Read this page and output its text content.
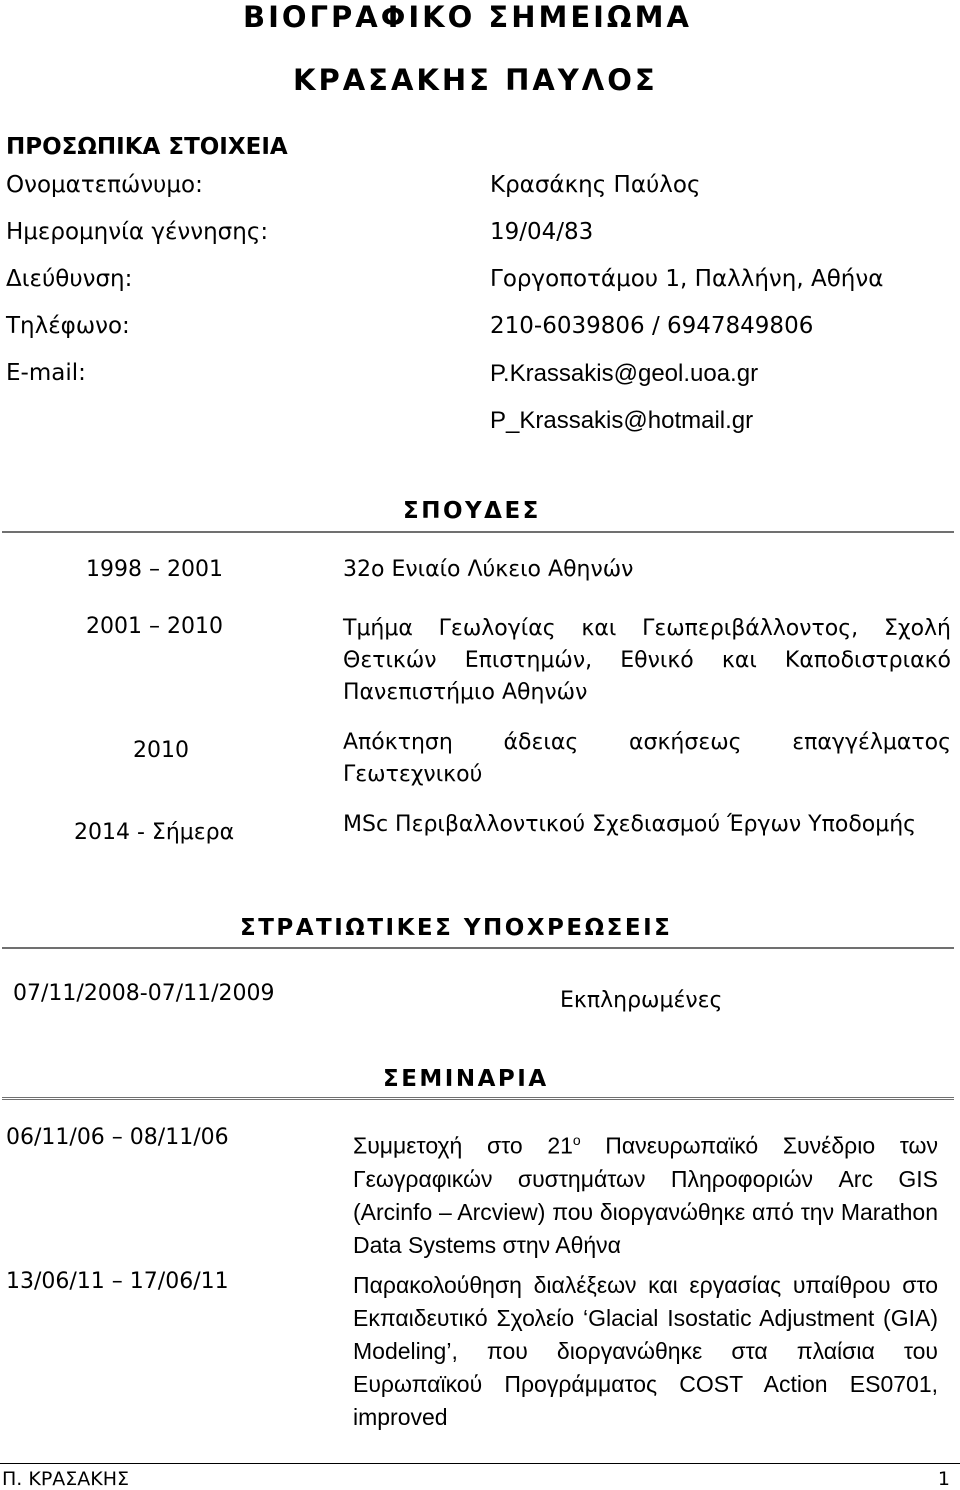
ΒΙΟΓΡΑΦΙΚΟ ΣΗΜΕΙΩΜΑ
ΚΡΑΣΑΚΗΣ ΠΑΥΛΟΣ
ΠΡΟΣΩΠΙΚΑ ΣΤΟΙΧΕΙΑ
Ονοματεπώνυμο:	Κρασάκης Παύλος
Ημερομηνία γέννησης:	19/04/83
Διεύθυνση:	Γοργοποτάμου 1, Παλλήνη, Αθήνα
Τηλέφωνο:	210-6039806 / 6947849806
E-mail:	P.Krassakis@geol.uoa.gr
P_Krassakis@hotmail.gr
ΣΠΟΥΔΕΣ
1998 – 2001	32ο Ενιαίο Λύκειο Αθηνών
2001 – 2010	Τμήμα Γεωλογίας και Γεωπεριβάλλοντος, Σχολή Θετικών Επιστημών, Εθνικό και Καποδιστριακό Πανεπιστήμιο Αθηνών
2010	Απόκτηση άδειας ασκήσεως επαγγέλματος Γεωτεχνικού
2014 - Σήμερα	MSc Περιβαλλοντικού Σχεδιασμού Έργων Υποδομής
ΣΤΡΑΤΙΩΤΙΚΕΣ ΥΠΟΧΡΕΩΣΕΙΣ
07/11/2008-07/11/2009	Εκπληρωμένες
ΣΕΜΙΝΑΡΙΑ
06/11/06 – 08/11/06	Συμμετοχή στο $21^o$ Πανευρωπαϊκό Συνέδριο των Γεωγραφικών συστημάτων Πληροφοριών Arc GIS (Arcinfo – Arcview) που διοργανώθηκε από την Marathon Data Systems στην Αθήνα
13/06/11 – 17/06/11	Παρακολούθηση διαλέξεων και εργασίας υπαίθρου στο Εκπαιδευτικό Σχολείο ‘Glacial Isostatic Adjustment (GIA) Modeling’, που διοργανώθηκε στα πλαίσια του Ευρωπαϊκού Προγράμματος COST Action ES0701, improved
Π. ΚΡΑΣΑΚΗΣ	1
